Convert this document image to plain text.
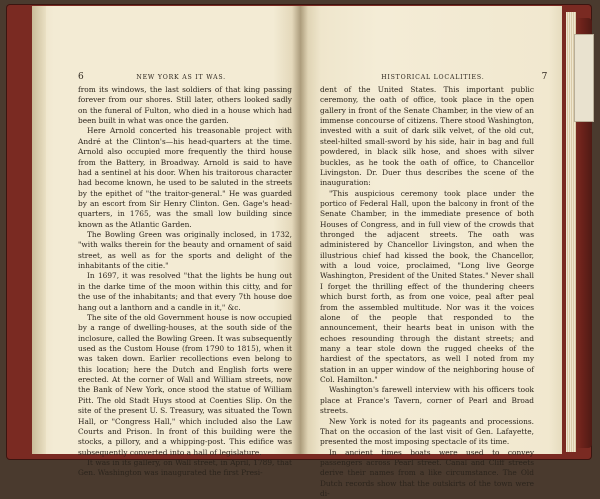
6	NEW YORK AS IT WAS.

from its windows, the last soldiers of that king passing forever from our shores. Still later, others looked sadly on the funeral of Fulton, who died in a house which had been built in what was once the garden.

Here Arnold concerted his treasonable project with André at the Clinton's—his head-quarters at the time. Arnold also occupied more frequently the third house from the Battery, in Broadway. Arnold is said to have had a sentinel at his door. When his traitorous character had become known, he used to be saluted in the streets by the epithet of "the traitor-general." He was guarded by an escort from Sir Henry Clinton. Gen. Gage's head-quarters, in 1765, was the small low building since known as the Atlantic Garden.

The Bowling Green was originally inclosed, in 1732, "with walks therein for the beauty and ornament of said street, as well as for the sports and delight of the inhabitants of the citie."

In 1697, it was resolved "that the lights be hung out in the darke time of the moon within this citty, and for the use of the inhabitants; and that every 7th house doe hang out a lanthorn and a candle in it," &c.

The site of the old Government house is now occupied by a range of dwelling-houses, at the south side of the inclosure, called the Bowling Green. It was subsequently used as the Custom House (from 1790 to 1815), when it was taken down. Earlier recollections even belong to this location; here the Dutch and English forts were erected. At the corner of Wall and William streets, now the Bank of New York, once stood the statue of William Pitt. The old Stadt Huys stood at Coenties Slip. On the site of the present U. S. Treasury, was situated the Town Hall, or "Congress Hall," which included also the Law Courts and Prison. In front of this building were the stocks, a pillory, and a whipping-post. This edifice was subsequently converted into a hall of legislature.

It was in its gallery, on Wall street, in April, 1789, that Gen. Washington was inaugurated the first Presi-

HISTORICAL LOCALITIES.	7

dent of the United States. This important public ceremony, the oath of office, took place in the open gallery in front of the Senate Chamber, in the view of an immense concourse of citizens. There stood Washington, invested with a suit of dark silk velvet, of the old cut, steel-hilted small-sword by his side, hair in bag and full powdered, in black silk hose, and shoes with silver buckles, as he took the oath of office, to Chancellor Livingston. Dr. Duer thus describes the scene of the inauguration:

"This auspicious ceremony took place under the portico of Federal Hall, upon the balcony in front of the Senate Chamber, in the immediate presence of both Houses of Congress, and in full view of the crowds that thronged the adjacent streets. The oath was administered by Chancellor Livingston, and when the illustrious chief had kissed the book, the Chancellor, with a loud voice, proclaimed, "Long live George Washington, President of the United States." Never shall I forget the thrilling effect of the thundering cheers which burst forth, as from one voice, peal after peal from the assembled multitude. Nor was it the voices alone of the people that responded to the announcement, their hearts beat in unison with the echoes resounding through the distant streets; and many a tear stole down the rugged cheeks of the hardiest of the spectators, as well I noted from my station in an upper window of the neighboring house of Col. Hamilton."

Washington's farewell interview with his officers took place at France's Tavern, corner of Pearl and Broad streets.

New York is noted for its pageants and processions. That on the occasion of the last visit of Gen. Lafayette, presented the most imposing spectacle of its time.

In ancient times boats were used to convey passengers across Pearl street. Canal and Cliff streets derive their names from a like circumstance. The Old Dutch records show that the outskirts of the town were di-
